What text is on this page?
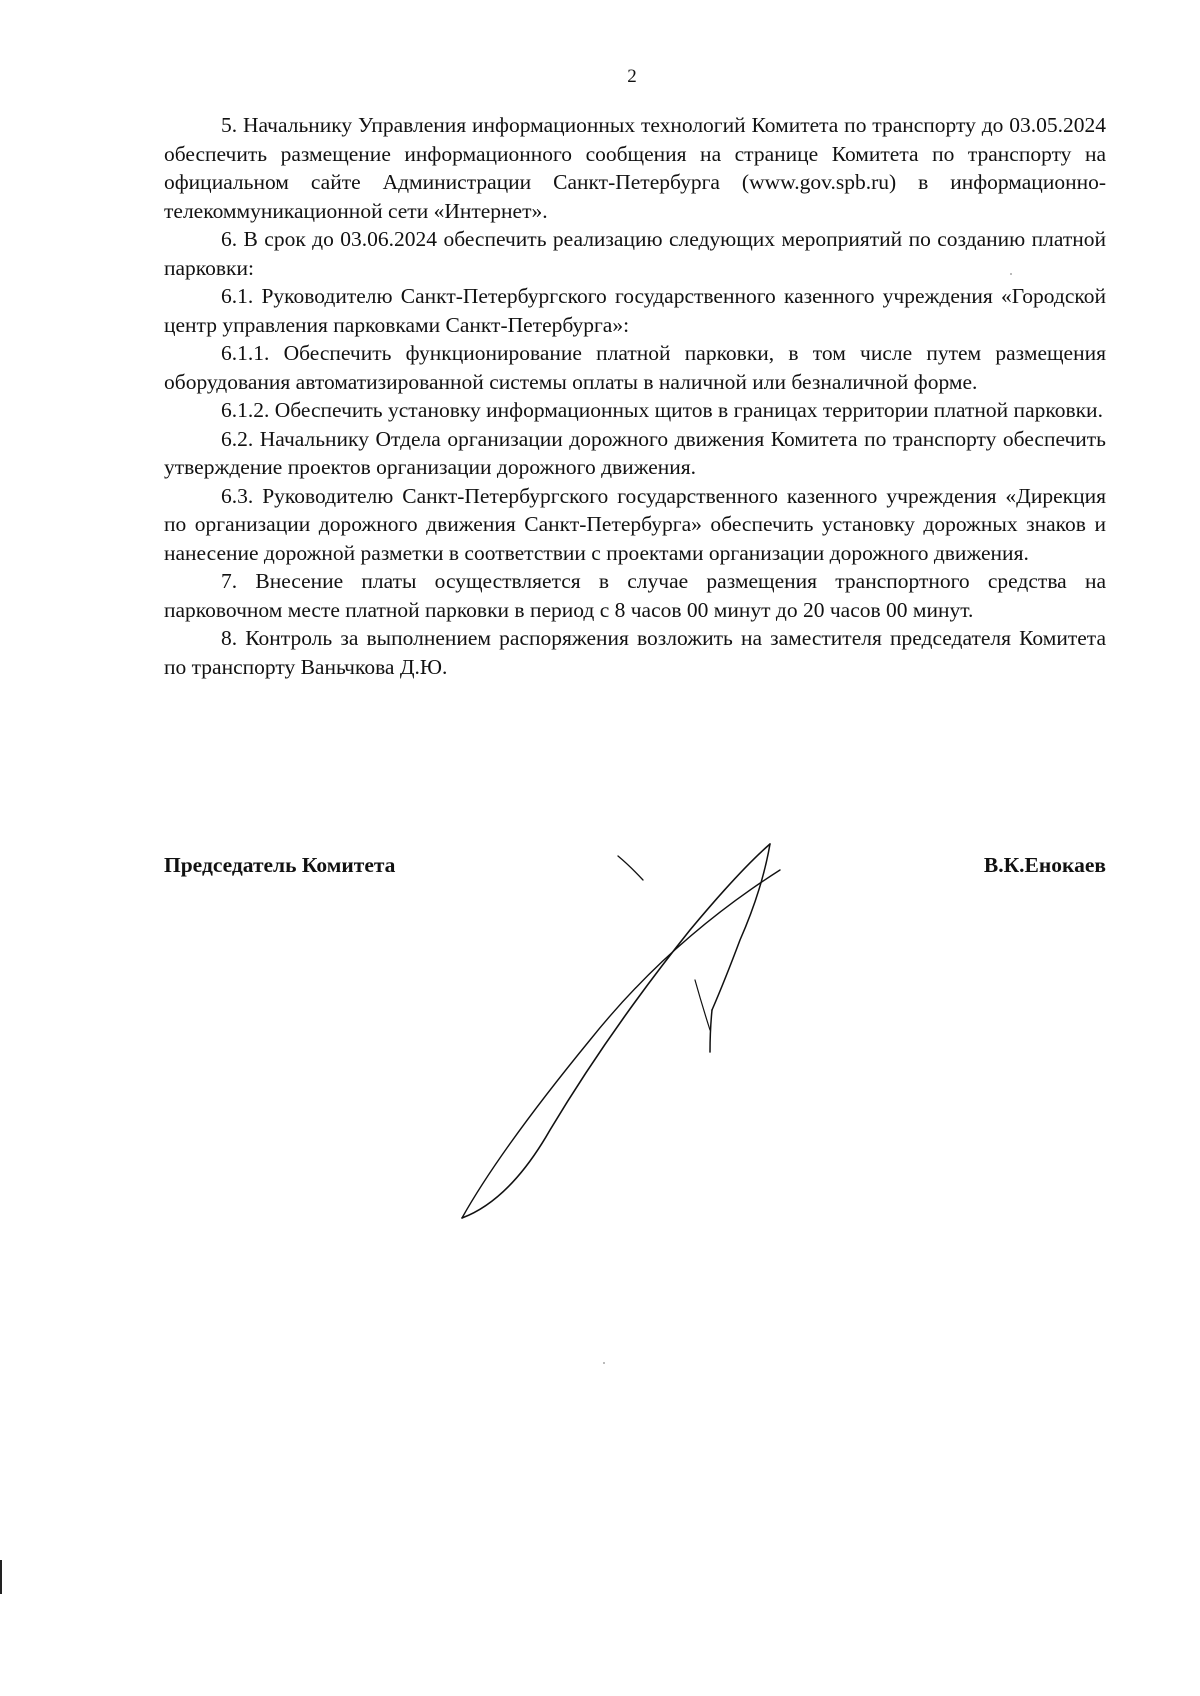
2

5. Начальнику Управления информационных технологий Комитета по транспорту до 03.05.2024 обеспечить размещение информационного сообщения на странице Комитета по транспорту на официальном сайте Администрации Санкт-Петербурга (www.gov.spb.ru) в информационно-телекоммуникационной сети «Интернет».

6. В срок до 03.06.2024 обеспечить реализацию следующих мероприятий по созданию платной парковки:

6.1. Руководителю Санкт-Петербургского государственного казенного учреждения «Городской центр управления парковками Санкт-Петербурга»:

6.1.1. Обеспечить функционирование платной парковки, в том числе путем размещения оборудования автоматизированной системы оплаты в наличной или безналичной форме.

6.1.2. Обеспечить установку информационных щитов в границах территории платной парковки.

6.2. Начальнику Отдела организации дорожного движения Комитета по транспорту обеспечить утверждение проектов организации дорожного движения.

6.3. Руководителю Санкт-Петербургского государственного казенного учреждения «Дирекция по организации дорожного движения Санкт-Петербурга» обеспечить установку дорожных знаков и нанесение дорожной разметки в соответствии с проектами организации дорожного движения.

7. Внесение платы осуществляется в случае размещения транспортного средства на парковочном месте платной парковки в период с 8 часов 00 минут до 20 часов 00 минут.

8. Контроль за выполнением распоряжения возложить на заместителя председателя Комитета по транспорту Ваньчкова Д.Ю.

Председатель Комитета	В.К.Енокаев
